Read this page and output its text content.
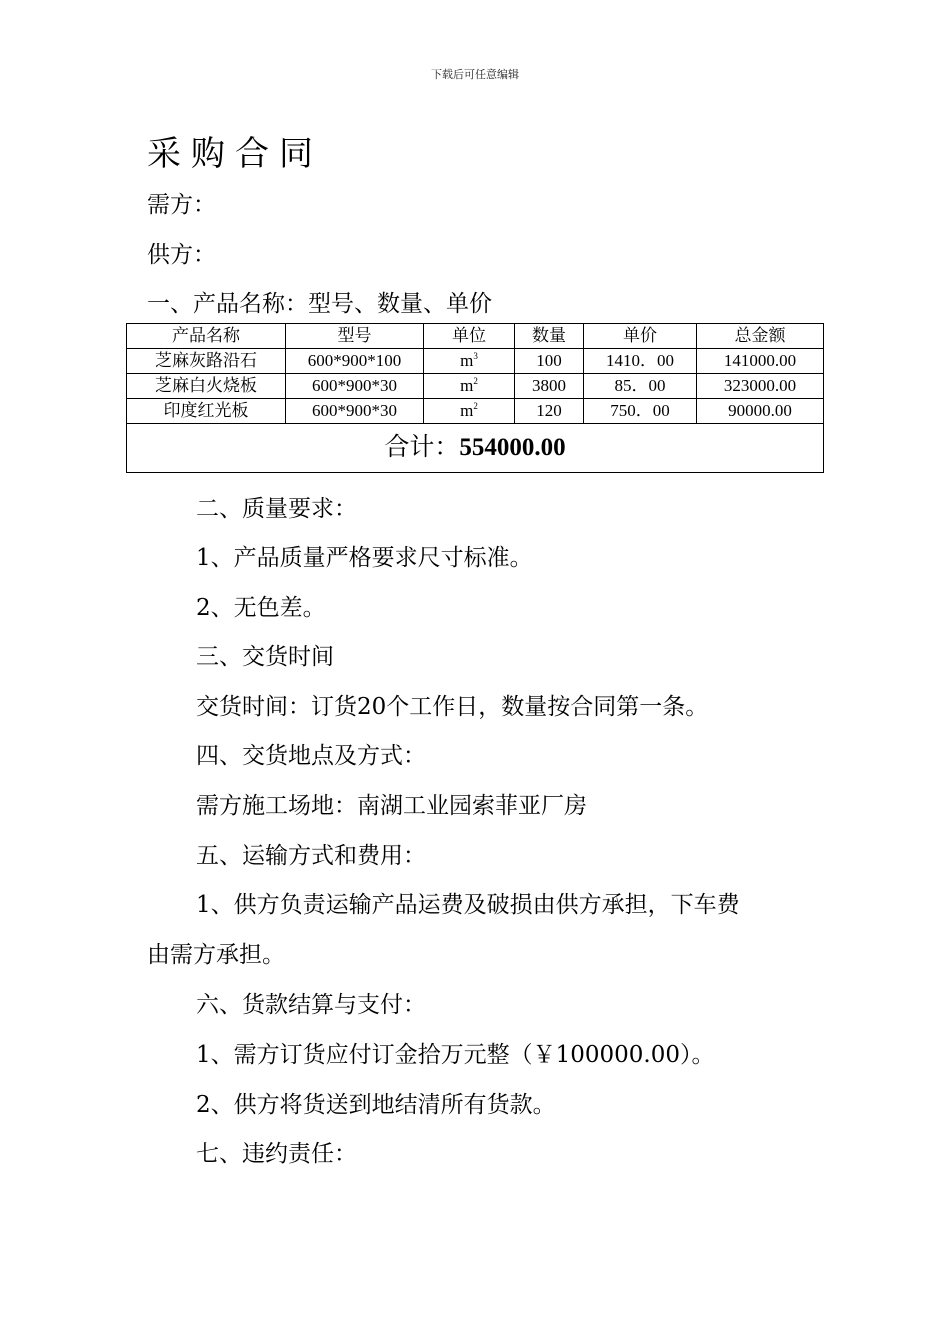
下载后可任意编辑
采购合同
需方：
供方：
一、产品名称：型号、数量、单价
产品名称	型号	单位	数量	单价	总金额
芝麻灰路沿石	600*900*100	$m^3$	100	1410．00	141000.00
芝麻白火烧板	600*900*30	$m^2$	3800	85．00	323000.00
印度红光板	600*900*30	$m^2$	120	750．00	90000.00
合计：554000.00					
二、质量要求：
1、产品质量严格要求尺寸标准。
2、无色差。
三、交货时间
交货时间：订货20个工作日，数量按合同第一条。
四、交货地点及方式：
需方施工场地：南湖工业园索菲亚厂房
五、运输方式和费用：
1、供方负责运输产品运费及破损由供方承担，下车费
由需方承担。
六、货款结算与支付：
1、需方订货应付订金拾万元整（￥100000.00）。
2、供方将货送到地结清所有货款。
七、违约责任：
